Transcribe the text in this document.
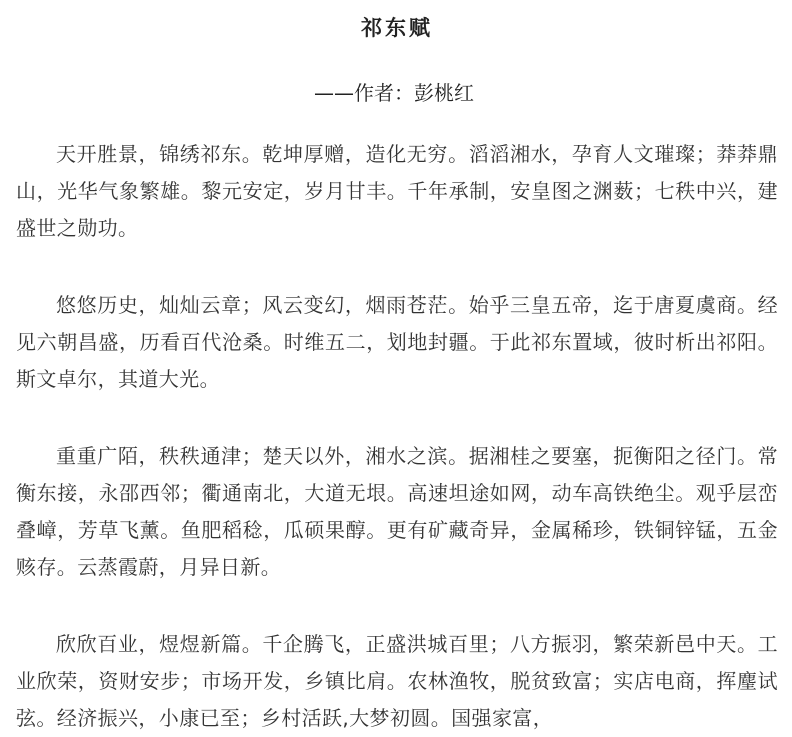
祁东赋
——作者：彭桃红

天开胜景，锦绣祁东。乾坤厚赠，造化无穷。滔滔湘水，孕育人文璀璨；莽莽鼎山，光华气象繁雄。黎元安定，岁月甘丰。千年承制，安皇图之渊薮；七秩中兴，建盛世之勋功。

悠悠历史，灿灿云章；风云变幻，烟雨苍茫。始乎三皇五帝，迄于唐夏虞商。经见六朝昌盛，历看百代沧桑。时维五二，划地封疆。于此祁东置域，彼时析出祁阳。斯文卓尔，其道大光。

重重广陌，秩秩通津；楚天以外，湘水之滨。据湘桂之要塞，扼衡阳之径门。常衡东接，永邵西邻；衢通南北，大道无垠。高速坦途如网，动车高铁绝尘。观乎层峦叠嶂，芳草飞薰。鱼肥稻稔，瓜硕果醇。更有矿藏奇异，金属稀珍，铁铜锌锰，五金赅存。云蒸霞蔚，月异日新。

欣欣百业，煜煜新篇。千企腾飞，正盛洪城百里；八方振羽，繁荣新邑中天。工业欣荣，资财安步；市场开发，乡镇比肩。农林渔牧，脱贫致富；实店电商，挥麈试弦。经济振兴，小康已至；乡村活跃,大梦初圆。国强家富，
